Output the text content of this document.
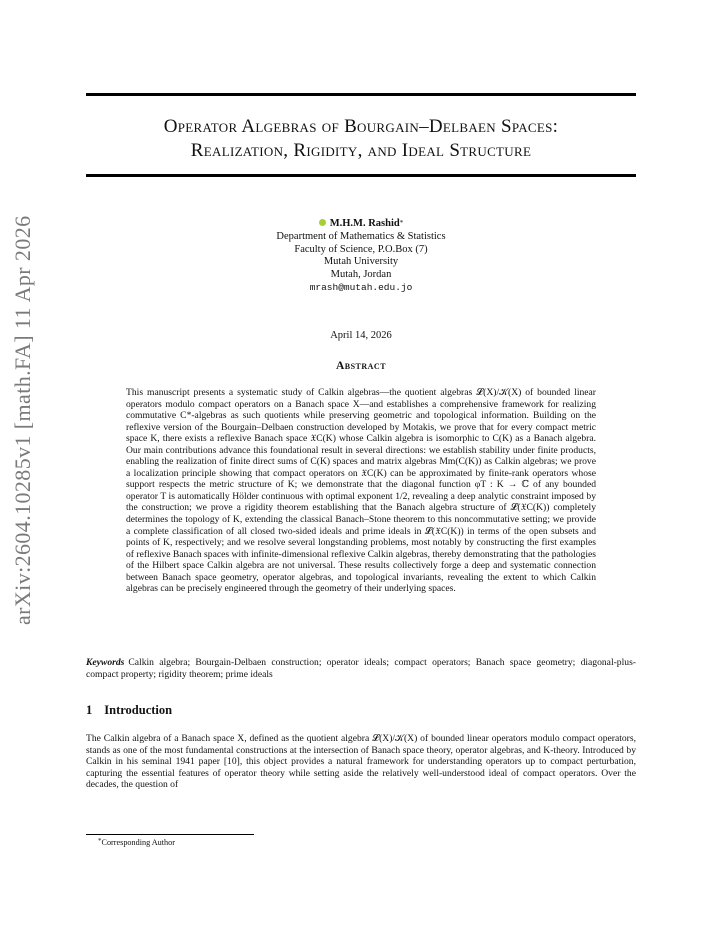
arXiv:2604.10285v1 [math.FA] 11 Apr 2026
Operator Algebras of Bourgain–Delbaen Spaces:
Realization, Rigidity, and Ideal Structure
M.H.M. Rashid*
Department of Mathematics & Statistics
Faculty of Science, P.O.Box (7)
Mutah University
Mutah, Jordan
mrash@mutah.edu.jo
April 14, 2026
Abstract
This manuscript presents a systematic study of Calkin algebras—the quotient algebras 𝓛(X)/𝒦(X) of bounded linear operators modulo compact operators on a Banach space X—and establishes a comprehensive framework for realizing commutative C*-algebras as such quotients while preserving geometric and topological information. Building on the reflexive version of the Bourgain–Delbaen construction developed by Motakis, we prove that for every compact metric space K, there exists a reflexive Banach space 𝔛C(K) whose Calkin algebra is isomorphic to C(K) as a Banach algebra. Our main contributions advance this foundational result in several directions: we establish stability under finite products, enabling the realization of finite direct sums of C(K) spaces and matrix algebras Mm(C(K)) as Calkin algebras; we prove a localization principle showing that compact operators on 𝔛C(K) can be approximated by finite-rank operators whose support respects the metric structure of K; we demonstrate that the diagonal function φT : K → ℂ of any bounded operator T is automatically Hölder continuous with optimal exponent 1/2, revealing a deep analytic constraint imposed by the construction; we prove a rigidity theorem establishing that the Banach algebra structure of 𝓛(𝔛C(K)) completely determines the topology of K, extending the classical Banach–Stone theorem to this noncommutative setting; we provide a complete classification of all closed two-sided ideals and prime ideals in 𝓛(𝔛C(K)) in terms of the open subsets and points of K, respectively; and we resolve several longstanding problems, most notably by constructing the first examples of reflexive Banach spaces with infinite-dimensional reflexive Calkin algebras, thereby demonstrating that the pathologies of the Hilbert space Calkin algebra are not universal. These results collectively forge a deep and systematic connection between Banach space geometry, operator algebras, and topological invariants, revealing the extent to which Calkin algebras can be precisely engineered through the geometry of their underlying spaces.
Keywords Calkin algebra; Bourgain-Delbaen construction; operator ideals; compact operators; Banach space geometry; diagonal-plus-compact property; rigidity theorem; prime ideals
1 Introduction
The Calkin algebra of a Banach space X, defined as the quotient algebra 𝓛(X)/𝒦(X) of bounded linear operators modulo compact operators, stands as one of the most fundamental constructions at the intersection of Banach space theory, operator algebras, and K-theory. Introduced by Calkin in his seminal 1941 paper [10], this object provides a natural framework for understanding operators up to compact perturbation, capturing the essential features of operator theory while setting aside the relatively well-understood ideal of compact operators. Over the decades, the question of
*Corresponding Author
